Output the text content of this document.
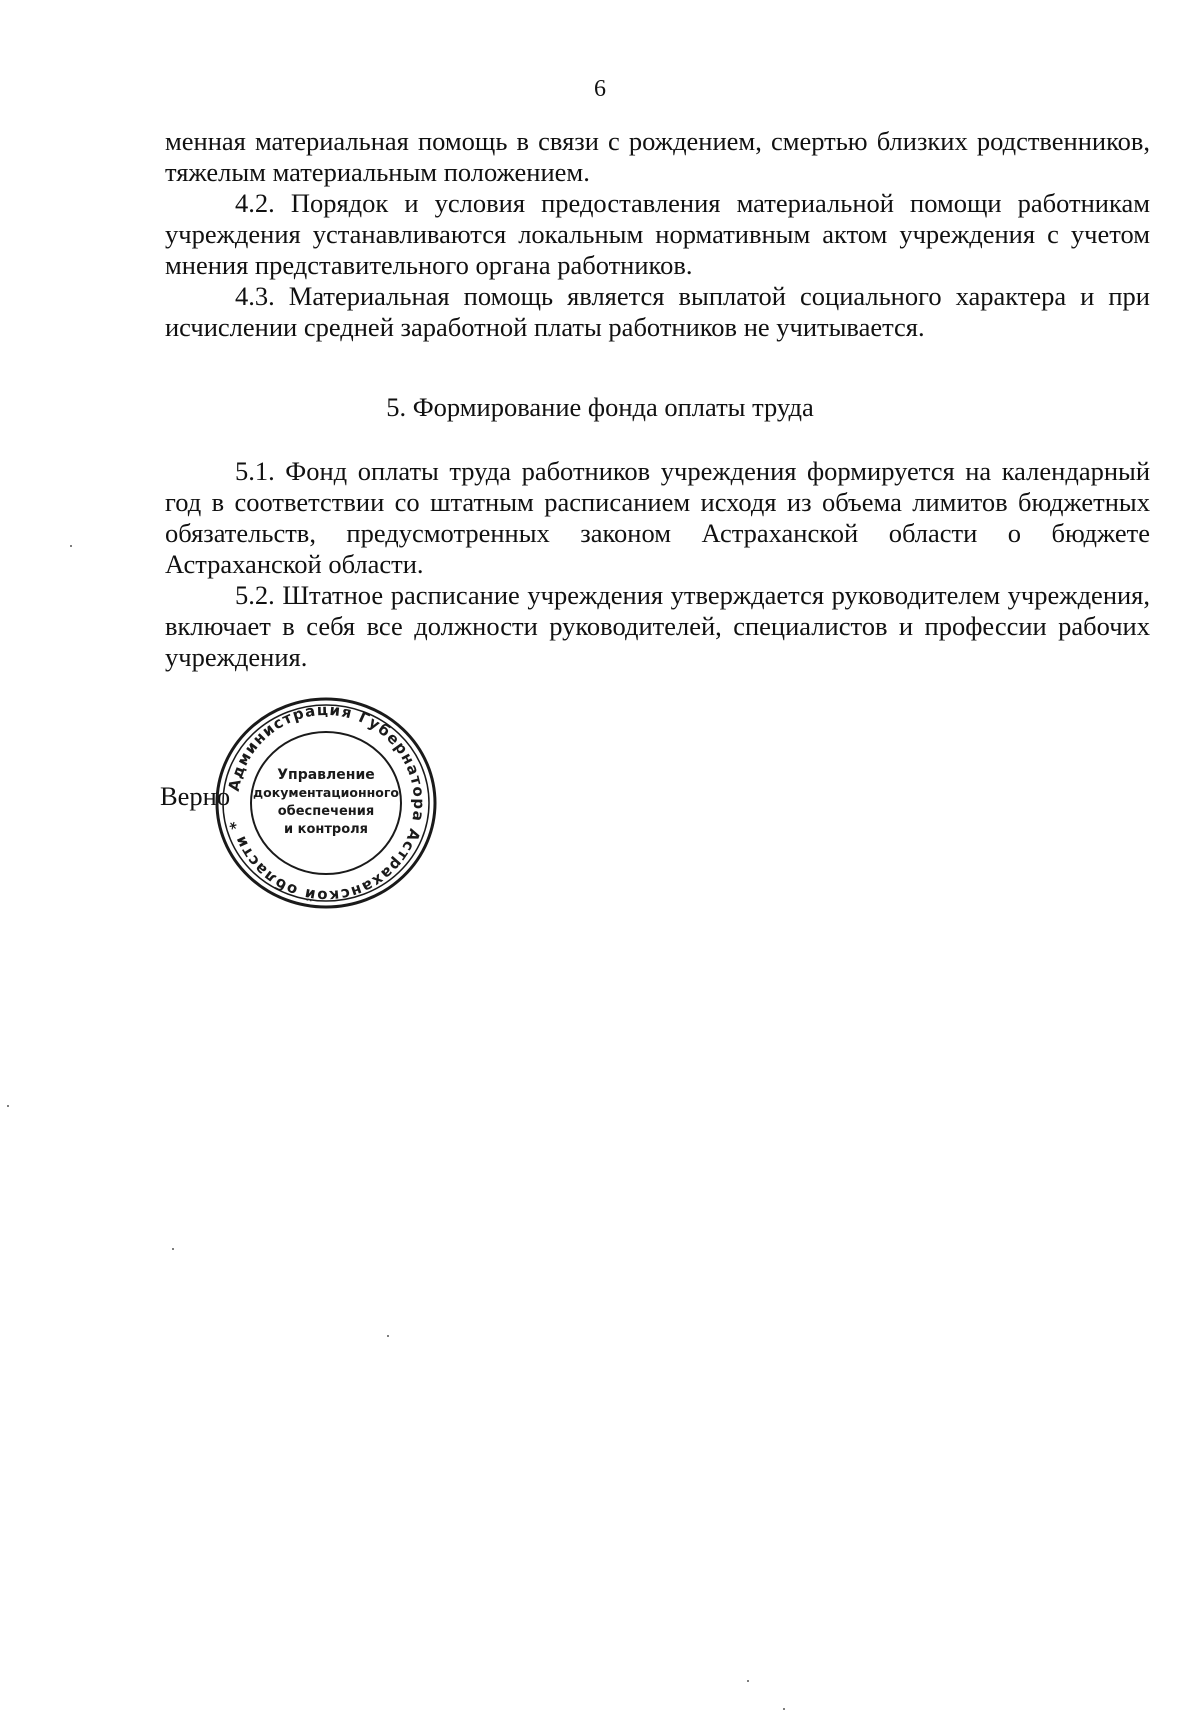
6

менная материальная помощь в связи с рождением, смертью близких родственников, тяжелым материальным положением.

4.2. Порядок и условия предоставления материальной помощи работникам учреждения устанавливаются локальным нормативным актом учреждения с учетом мнения представительного органа работников.

4.3. Материальная помощь является выплатой социального характера и при исчислении средней заработной платы работников не учитывается.

5. Формирование фонда оплаты труда

5.1. Фонд оплаты труда работников учреждения формируется на календарный год в соответствии со штатным расписанием исходя из объема лимитов бюджетных обязательств, предусмотренных законом Астраханской области о бюджете Астраханской области.

5.2. Штатное расписание учреждения утверждается руководителем учреждения, включает в себя все должности руководителей, специалистов и профессии рабочих учреждения.

Верно
Администрация Губернатора Астраханской области *
Управление
документационного
обеспечения
и контроля
